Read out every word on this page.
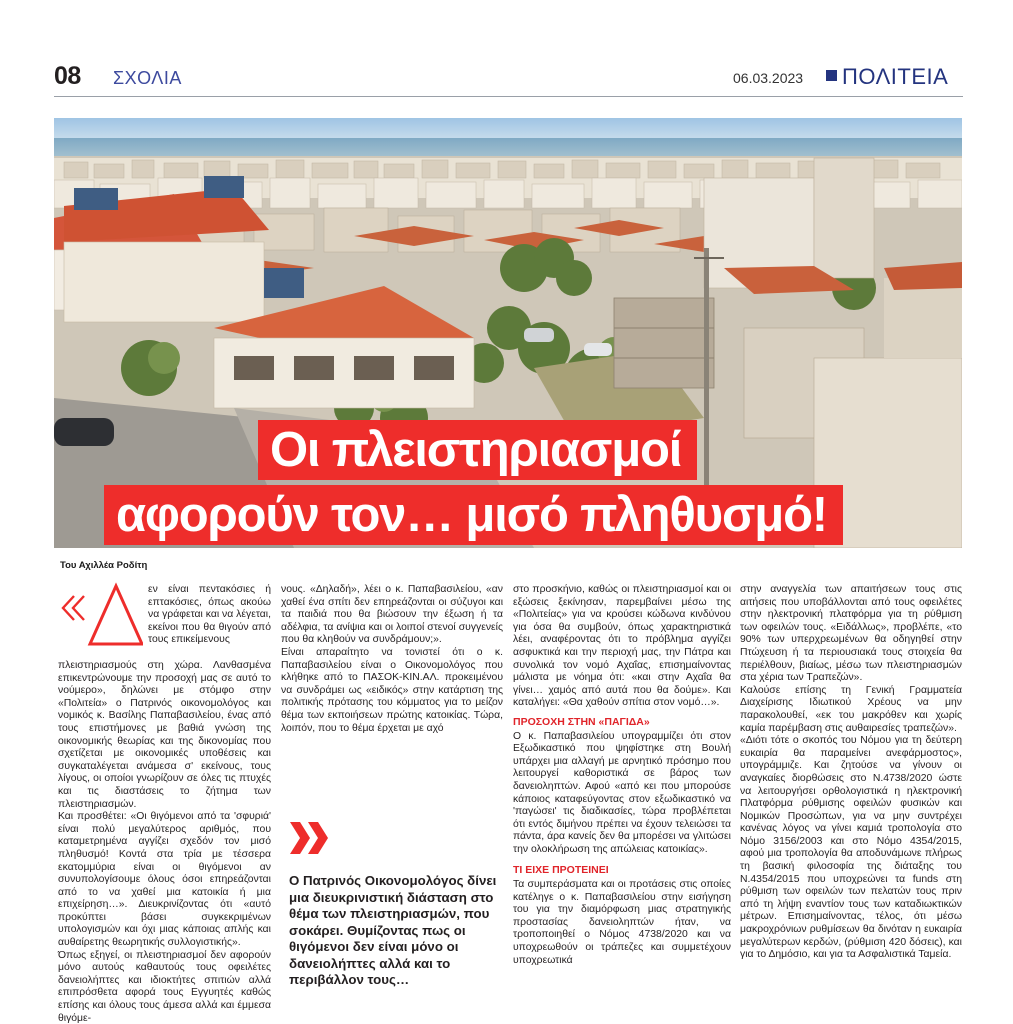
08 ΣΧΟΛΙΑ	06.03.2023 ΠΟΛΙΤΕΙΑ
Οι πλειστηριασμοί
αφορούν τον… μισό πληθυσμό!
Του Αχιλλέα Ροδίτη
εν είναι πεντακόσιες ή επτακόσιες, όπως ακούω να γράφεται και να λέγεται, εκείνοι που θα θιγούν από τους επικείμενους

πλειστηριασμούς στη χώρα. Λανθασμένα επικεντρώνουμε την προσοχή μας σε αυτό το νούμερο», δηλώνει με στόμφο στην «Πολιτεία» ο Πατρινός οικονομολόγος και νομικός κ. Βασίλης Παπαβασιλείου, ένας από τους επιστήμονες με βαθιά γνώση της οικονομικής θεωρίας και της δικονομίας που σχετίζεται με οικονομικές υποθέσεις και συγκαταλέγεται ανάμεσα σ' εκείνους, τους λίγους, οι οποίοι γνωρίζουν σε όλες τις πτυχές και τις διαστάσεις το ζήτημα των πλειστηριασμών.

Και προσθέτει: «Οι θιγόμενοι από τα 'σφυριά' είναι πολύ μεγαλύτερος αριθμός, που καταμετρημένα αγγίζει σχεδόν τον μισό πληθυσμό! Κοντά στα τρία με τέσσερα εκατομμύρια είναι οι θιγόμενοι αν συνυπολογίσουμε όλους όσοι επηρεάζονται από το να χαθεί μια κατοικία ή μια επιχείρηση…». Διευκρινίζοντας ότι «αυτό προκύπτει βάσει συγκεκριμένων υπολογισμών και όχι μιας κάποιας απλής και αυθαίρετης θεωρητικής συλλογιστικής».

Όπως εξηγεί, οι πλειστηριασμοί δεν αφορούν μόνο αυτούς καθαυτούς τους οφειλέτες δανειολήπτες και ιδιοκτήτες σπιτιών αλλά επιπρόσθετα αφορά τους Εγγυητές καθώς επίσης και όλους τους άμεσα αλλά και έμμεσα θιγόμε-

νους. «Δηλαδή», λέει ο κ. Παπαβασιλείου, «αν χαθεί ένα σπίτι δεν επηρεάζονται οι σύζυγοι και τα παιδιά που θα βιώσουν την έξωση ή τα αδέλφια, τα ανίψια και οι λοιποί στενοί συγγενείς που θα κληθούν να συνδράμουν;».

Είναι απαραίτητο να τονιστεί ότι ο κ. Παπαβασιλείου είναι ο Οικονομολόγος που κλήθηκε από το ΠΑΣΟΚ-ΚΙΝ.ΑΛ. προκειμένου να συνδράμει ως «ειδικός» στην κατάρτιση της πολιτικής πρότασης του κόμματος για το μείζον θέμα των εκποιήσεων πρώτης κατοικίας. Τώρα, λοιπόν, που το θέμα έρχεται με αχό

Ο Πατρινός Οικονομολόγος δίνει μια διευκρινιστική διάσταση στο θέμα των πλειστηριασμών, που σοκάρει. Θυμίζοντας πως οι θιγόμενοι δεν είναι μόνο οι δανειολήπτες αλλά και το περιβάλλον τους…

στο προσκήνιο, καθώς οι πλειστηριασμοί και οι εξώσεις ξεκίνησαν, παρεμβαίνει μέσω της «Πολιτείας» για να κρούσει κώδωνα κινδύνου για όσα θα συμβούν, όπως χαρακτηριστικά λέει, αναφέροντας ότι το πρόβλημα αγγίζει ασφυκτικά και την περιοχή μας, την Πάτρα και συνολικά τον νομό Αχαΐας, επισημαίνοντας μάλιστα με νόημα ότι: «και στην Αχαΐα θα γίνει… χαμός από αυτά που θα δούμε». Και καταλήγει: «Θα χαθούν σπίτια στον νομό…».

ΠΡΟΣΟΧΗ ΣΤΗΝ «ΠΑΓΙΔΑ»

Ο κ. Παπαβασιλείου υπογραμμίζει ότι στον Εξωδικαστικό που ψηφίστηκε στη Βουλή υπάρχει μια αλλαγή με αρνητικό πρόσημο που λειτουργεί καθοριστικά σε βάρος των δανειοληπτών. Αφού «από κει που μπορούσε κάποιος καταφεύγοντας στον εξωδικαστικό να 'παγώσει' τις διαδικασίες, τώρα προβλέπεται ότι εντός διμήνου πρέπει να έχουν τελειώσει τα πάντα, άρα κανείς δεν θα μπορέσει να γλιτώσει την ολοκλήρωση της απώλειας κατοικίας».

ΤΙ ΕΙΧΕ ΠΡΟΤΕΙΝΕΙ

Τα συμπεράσματα και οι προτάσεις στις οποίες κατέληγε ο κ. Παπαβασιλείου στην εισήγηση του για την διαμόρφωση μιας στρατηγικής προστασίας δανειοληπτών ήταν, να τροποποιηθεί ο Νόμος 4738/2020 και να υποχρεωθούν οι τράπεζες και συμμετέχουν υποχρεωτικά

στην αναγγελία των απαιτήσεων τους στις αιτήσεις που υποβάλλονται από τους οφειλέτες στην ηλεκτρονική πλατφόρμα για τη ρύθμιση των οφειλών τους. «Ειδάλλως», προβλέπε, «το 90% των υπερχρεωμένων θα οδηγηθεί στην Πτώχευση ή τα περιουσιακά τους στοιχεία θα περιέλθουν, βιαίως, μέσω των πλειστηριασμών στα χέρια των Τραπεζών».

Καλούσε επίσης τη Γενική Γραμματεία Διαχείρισης Ιδιωτικού Χρέους να μην παρακολουθεί, «εκ του μακρόθεν και χωρίς καμία παρέμβαση στις αυθαιρεσίες τραπεζών».

«Διότι τότε ο σκοπός του Νόμου για τη δεύτερη ευκαιρία θα παραμείνει ανεφάρμοστος», υπογράμμιζε. Και ζητούσε να γίνουν οι αναγκαίες διορθώσεις στο Ν.4738/2020 ώστε να λειτουργήσει ορθολογιστικά η ηλεκτρονική Πλατφόρμα ρύθμισης οφειλών φυσικών και Νομικών Προσώπων, για να μην συντρέχει κανένας λόγος να γίνει καμιά τροπολογία στο Νόμο 3156/2003 και στο Νόμο 4354/2015, αφού μια τροπολογία θα αποδυνάμωνε πλήρως τη βασική φιλοσοφία της διάταξης του Ν.4354/2015 που υποχρεώνει τα funds στη ρύθμιση των οφειλών των πελατών τους πριν από τη λήψη εναντίον τους των καταδιωκτικών μέτρων. Επισημαίνοντας, τέλος, ότι μέσω μακροχρόνιων ρυθμίσεων θα δινόταν η ευκαιρία μεγαλύτερων κερδών, (ρύθμιση 420 δόσεις), και για το Δημόσιο, και για τα Ασφαλιστικά Ταμεία.
